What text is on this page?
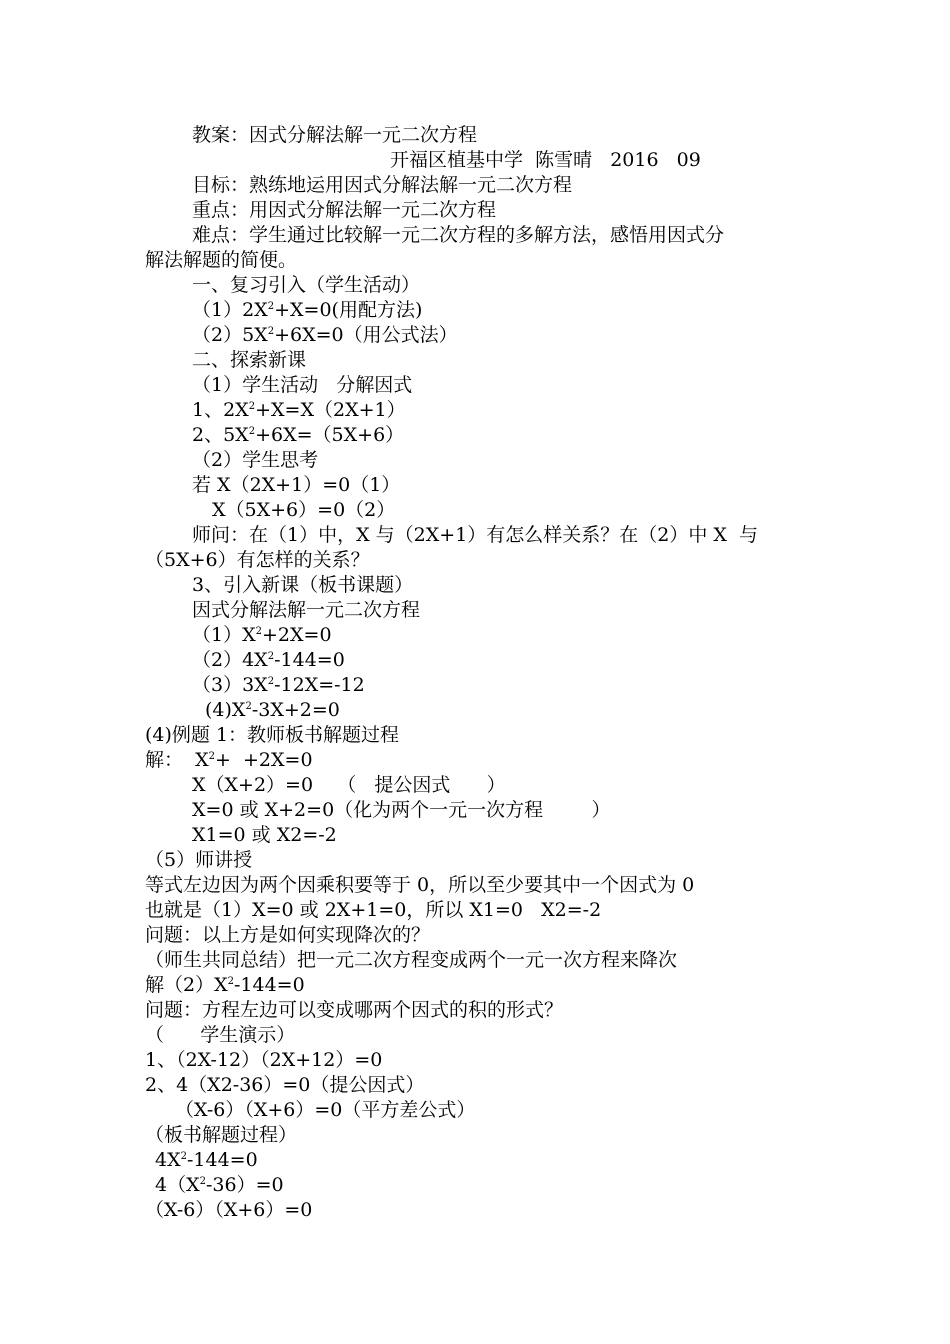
教案：因式分解法解一元二次方程
开福区植基中学  陈雪晴   2016   09
目标：熟练地运用因式分解法解一元二次方程
重点：用因式分解法解一元二次方程
难点：学生通过比较解一元二次方程的多解方法，感悟用因式分
解法解题的简便。
一、复习引入（学生活动）
$(1)2X^2+X=0$(用配方法)
$(2)5X^2+6X=0$（用公式法）
二、探索新课
（1）学生活动   分解因式
1、$2X^2+X=X(2X+1)$
2、$5X^2+6X=(5X+6)$
（2）学生思考
若 X（2X+1）=0（1）
X（5X+6）=0（2）
师问：在（1）中，X 与（2X+1）有怎么样关系？在（2）中 X  与
（5X+6）有怎样的关系？
3、引入新课（板书课题）
因式分解法解一元二次方程
$(1)X^2+2X=0$
$(2)4X^2-144=0$
$(3)3X^2-12X=-12$
$(4)X^2-3X+2=0$
(4)例题 1：教师板书解题过程
解：  $X^2+ +2X=0$
X（X+2）=0    （   提公因式      ）
X=0 或 X+2=0（化为两个一元一次方程        ）
X1=0 或 X2=-2
（5）师讲授
等式左边因为两个因乘积要等于 0，所以至少要其中一个因式为 0
也就是（1）X=0 或 2X+1=0，所以 X1=0   X2=-2
问题：以上方是如何实现降次的？
（师生共同总结）把一元二次方程变成两个一元一次方程来降次
解$(2)X^2-144=0$
问题：方程左边可以变成哪两个因式的积的形式？
（      学生演示）
1、（2X-12）（2X+12）=0
2、4（X2-36）=0（提公因式）
（X-6）（X+6）=0（平方差公式）
（板书解题过程）
$4X^2-144=0$
$4(X^2-36)=0$
（X-6）（X+6）=0
